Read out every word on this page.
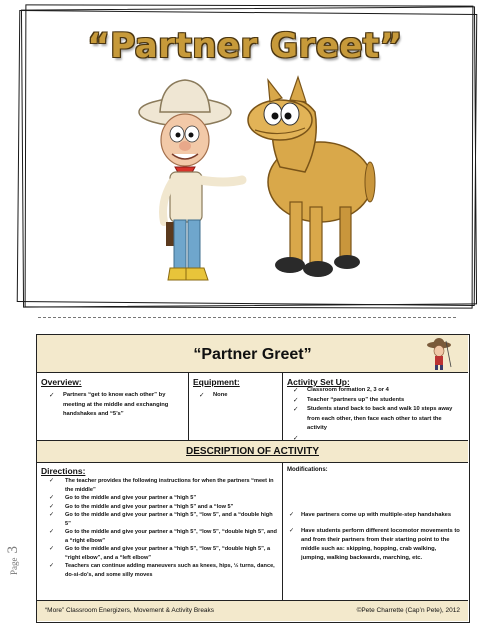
“Partner Greet”
“Partner Greet”
Overview:
✓ Partners “get to know each other” by meeting at the middle and exchanging handshakes and “5’s”
Equipment:
✓ None
Activity Set Up:
✓ Classroom formation 2, 3 or 4
✓ Teacher “partners up” the students
✓ Students stand back to back and walk 10 steps away from each other, then face each other to start the activity
DESCRIPTION OF ACTIVITY
Directions:
✓ The teacher provides the following instructions for when the partners “meet in the middle”
✓ Go to the middle and give your partner a “high 5”
✓ Go to the middle and give your partner a “high 5” and a “low 5”
✓ Go to the middle and give your partner a “high 5”, “low 5”, and a “double high 5”
✓ Go to the middle and give your partner a “high 5”, “low 5”, “double high 5”, and a “right elbow”
✓ Go to the middle and give your partner a “high 5”, “low 5”, “double high 5”, a “right elbow”, and a “left elbow”
✓ Teachers can continue adding maneuvers such as knees, hips, ½ turns, dance, do-si-do’s, and some silly moves
Modifications:
✓ Have partners come up with multiple-step handshakes
✓ Have students perform different locomotor movements to and from their partners from their starting point to the middle such as: skipping, hopping, crab walking, jumping, walking backwards, marching, etc.
“More” Classroom Energizers, Movement & Activity Breaks	©Pete Charrette (Cap’n Pete), 2012
Page 3
